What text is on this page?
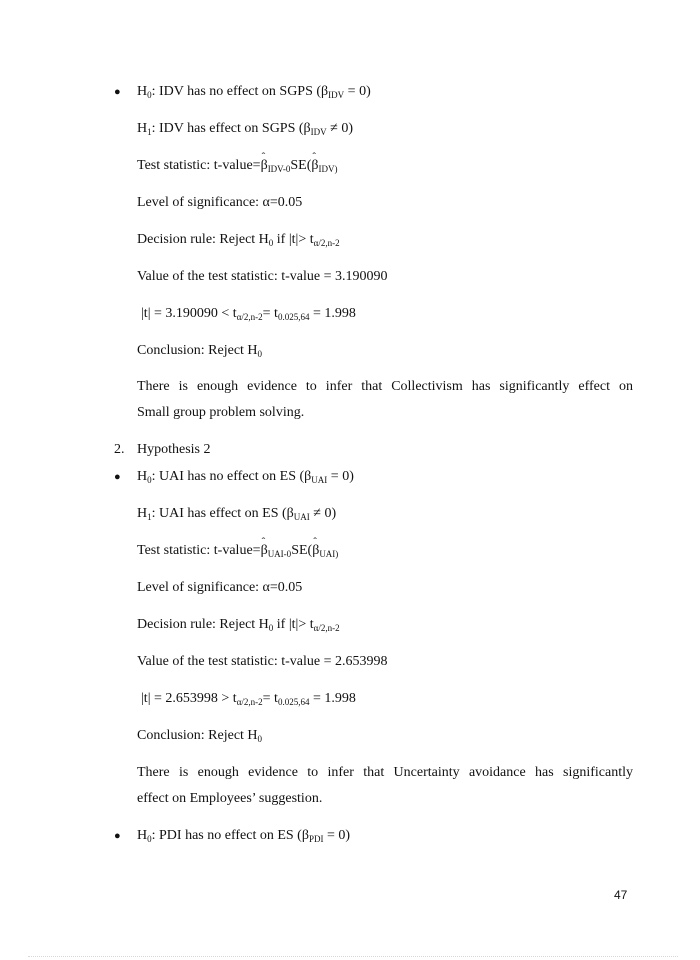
● $H_0$: IDV has no effect on SGPS $(\beta_{IDV} = 0)$
$H_1$: IDV has effect on SGPS $(\beta_{IDV} \ne 0)$
Test statistic: t-value=ˆ $\beta_{IDV-0}SE(ˆ$ $\beta_{IDV)}$
Level of significance: α=0.05
Decision rule: Reject $H_0$ if $|t|> t_{\alpha/2,n-2}$
Value of the test statistic: t-value = 3.190090
$|t| = 3.190090 < t_{\alpha/2,n-2}= t_{0.025,64} = 1.998$
Conclusion: Reject $H_0$
There is enough evidence to infer that Collectivism has significantly effect on
Small group problem solving.
2. Hypothesis 2
● $H_0$: UAI has no effect on ES $(\beta_{UAI} = 0)$
$H_1$: UAI has effect on ES $(\beta_{UAI} \ne 0)$
Test statistic: t-value=ˆ $\beta_{UAI-0}SE(ˆ$ $\beta_{UAI)}$
Level of significance: α=0.05
Decision rule: Reject $H_0$ if $|t|> t_{\alpha/2,n-2}$
Value of the test statistic: t-value = 2.653998
$|t| = 2.653998 > t_{\alpha/2,n-2}= t_{0.025,64} = 1.998$
Conclusion: Reject $H_0$
There is enough evidence to infer that Uncertainty avoidance has significantly
effect on Employees’ suggestion.
● $H_0$: PDI has no effect on ES $(\beta_{PDI} = 0)$
47
